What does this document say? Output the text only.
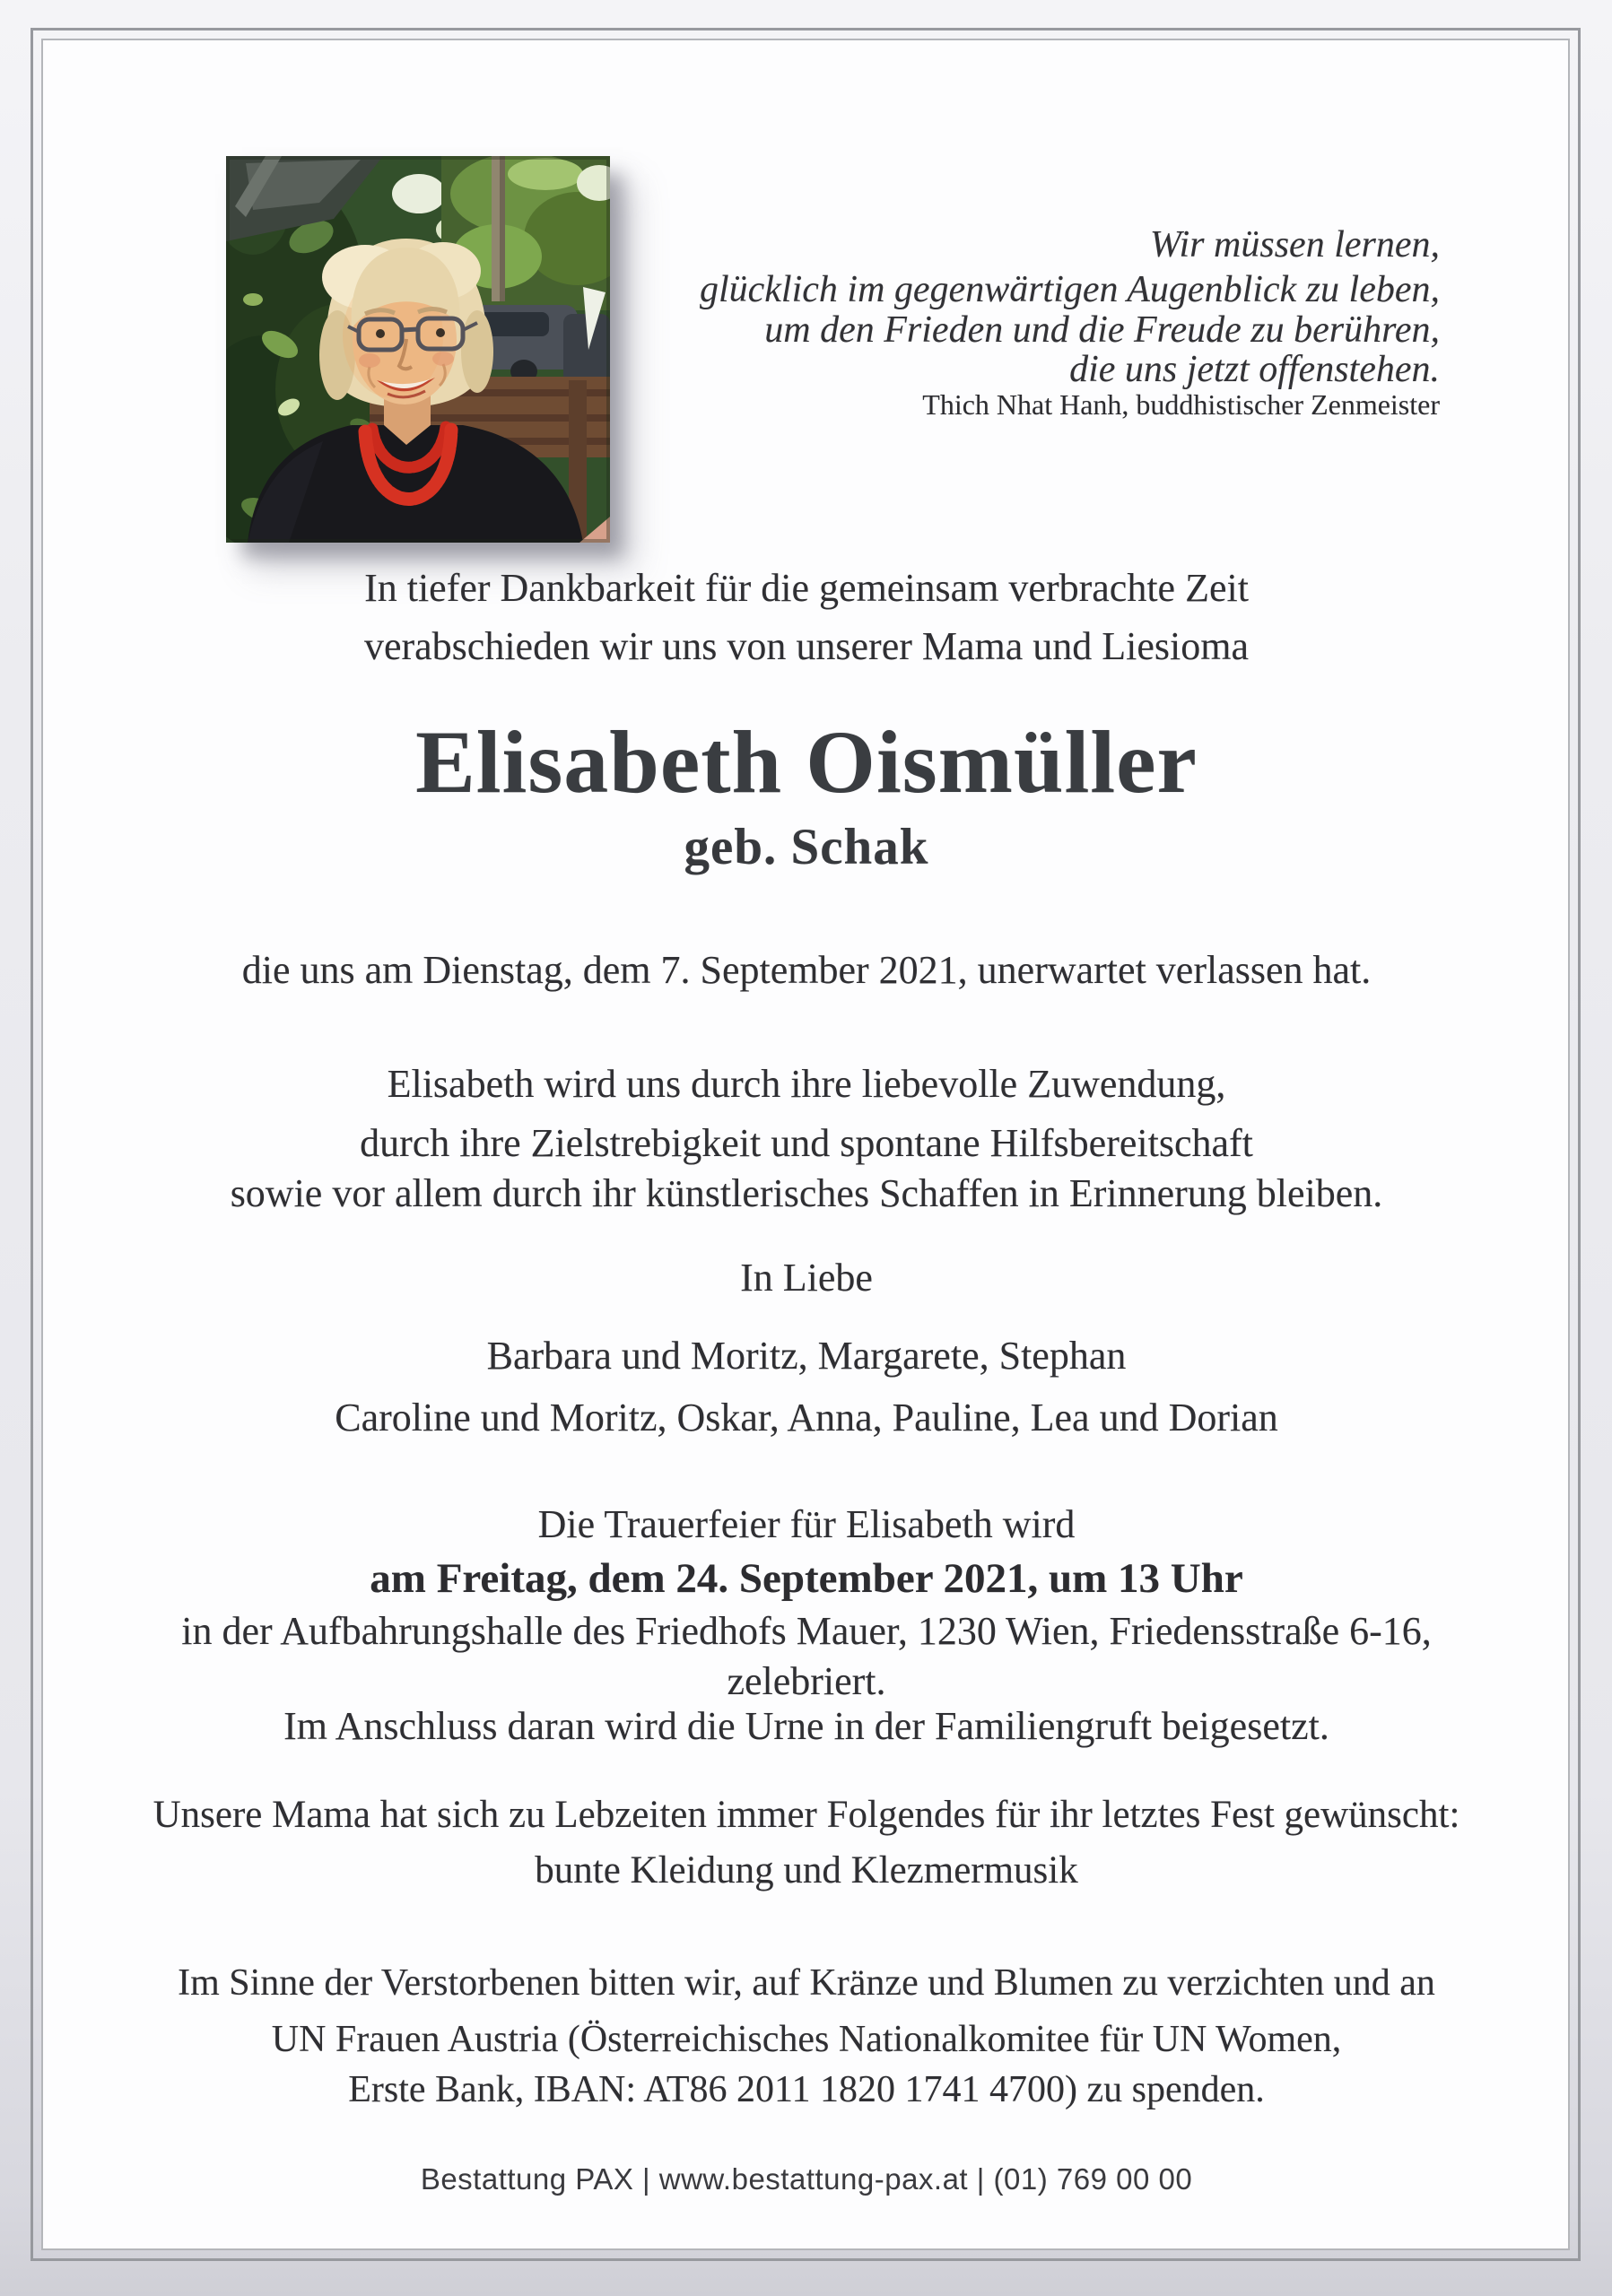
Wir müssen lernen,
glücklich im gegenwärtigen Augenblick zu leben,
um den Frieden und die Freude zu berühren,
die uns jetzt offenstehen.
Thich Nhat Hanh, buddhistischer Zenmeister
In tiefer Dankbarkeit für die gemeinsam verbrachte Zeit
verabschieden wir uns von unserer Mama und Liesioma
Elisabeth Oismüller
geb. Schak
die uns am Dienstag, dem 7. September 2021, unerwartet verlassen hat.
Elisabeth wird uns durch ihre liebevolle Zuwendung,
durch ihre Zielstrebigkeit und spontane Hilfsbereitschaft
sowie vor allem durch ihr künstlerisches Schaffen in Erinnerung bleiben.
In Liebe
Barbara und Moritz, Margarete, Stephan
Caroline und Moritz, Oskar, Anna, Pauline, Lea und Dorian
Die Trauerfeier für Elisabeth wird
am Freitag, dem 24. September 2021, um 13 Uhr
in der Aufbahrungshalle des Friedhofs Mauer, 1230 Wien, Friedensstraße 6-16,
zelebriert.
Im Anschluss daran wird die Urne in der Familiengruft beigesetzt.
Unsere Mama hat sich zu Lebzeiten immer Folgendes für ihr letztes Fest gewünscht:
bunte Kleidung und Klezmermusik
Im Sinne der Verstorbenen bitten wir, auf Kränze und Blumen zu verzichten und an
UN Frauen Austria (Österreichisches Nationalkomitee für UN Women,
Erste Bank, IBAN: AT86 2011 1820 1741 4700) zu spenden.
Bestattung PAX | www.bestattung-pax.at | (01) 769 00 00
